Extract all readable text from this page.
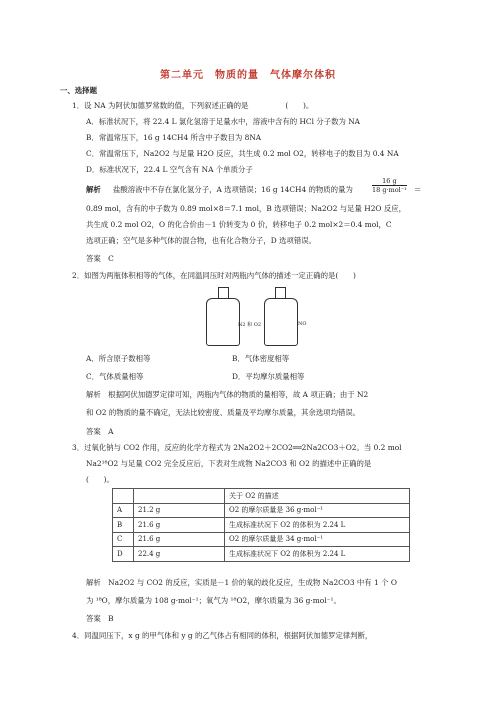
第二单元　物质的量　气体摩尔体积
一、选择题
1．设 NA 为阿伏加德罗常数的值，下列叙述正确的是　　　　　(　　)。
A．标准状况下，将 22.4 L 氯化氢溶于足量水中，溶液中含有的 HCl 分子数为 NA
B．常温常压下，16 g 14CH4 所含中子数目为 8NA
C．常温常压下，Na2O2 与足量 H2O 反应，共生成 0.2 mol O2，转移电子的数目为 0.4 NA
D．标准状况下，22.4 L 空气含有 NA 个单质分子
解析 盐酸溶液中不存在氯化氢分子，A 选项错误；16 g 14CH4 的物质的量为
16 g
18 g·mol⁻¹ ＝
0.89 mol，含有的中子数为 0.89 mol×8＝7.1 mol，B 选项错误；Na2O2 与足量 H2O 反应，
共生成 0.2 mol O2，O 的化合价由－1 价转变为 0 价，转移电子 0.2 mol×2＝0.4 mol，C
选项正确；空气是多种气体的混合物，也有化合物分子，D 选项错误。
答案　C
2．如图为两瓶体积相等的气体，在同温同压时对两瓶内气体的描述一定正确的是(　　)
N2 和 O2	NO
A．所含原子数相等	B．气体密度相等
C．气体质量相等	D．平均摩尔质量相等
解析　根据阿伏加德罗定律可知，两瓶内气体的物质的量相等，故 A 项正确；由于 N2
和 O2 的物质的量不确定，无法比较密度、质量及平均摩尔质量，其余选项均错误。
答案　A
3．过氧化钠与 CO2 作用，反应的化学方程式为 2Na2O2＋2CO2══2Na2CO3＋O2。当 0.2 mol
Na2¹⁸O2 与足量 CO2 完全反应后，下表对生成物 Na2CO3 和 O2 的描述中正确的是
(　　)。
		关于 O2 的描述
A	21.2 g	O2 的摩尔质量是 36 g·mol⁻¹
B	21.6 g	生成标准状况下 O2 的体积为 2.24 L
C	21.6 g	O2 的摩尔质量是 34 g·mol⁻¹
D	22.4 g	生成标准状况下 O2 的体积为 2.24 L
解析　Na2O2 与 CO2 的反应，实质是－1 价的氧的歧化反应，生成物 Na2CO3 中有 1 个 O
为 ¹⁸O，摩尔质量为 108 g·mol⁻¹；氧气为 ¹⁸O2，摩尔质量为 36 g·mol⁻¹。
答案　B
4．同温同压下，x g 的甲气体和 y g 的乙气体占有相同的体积，根据阿伏加德罗定律判断，
